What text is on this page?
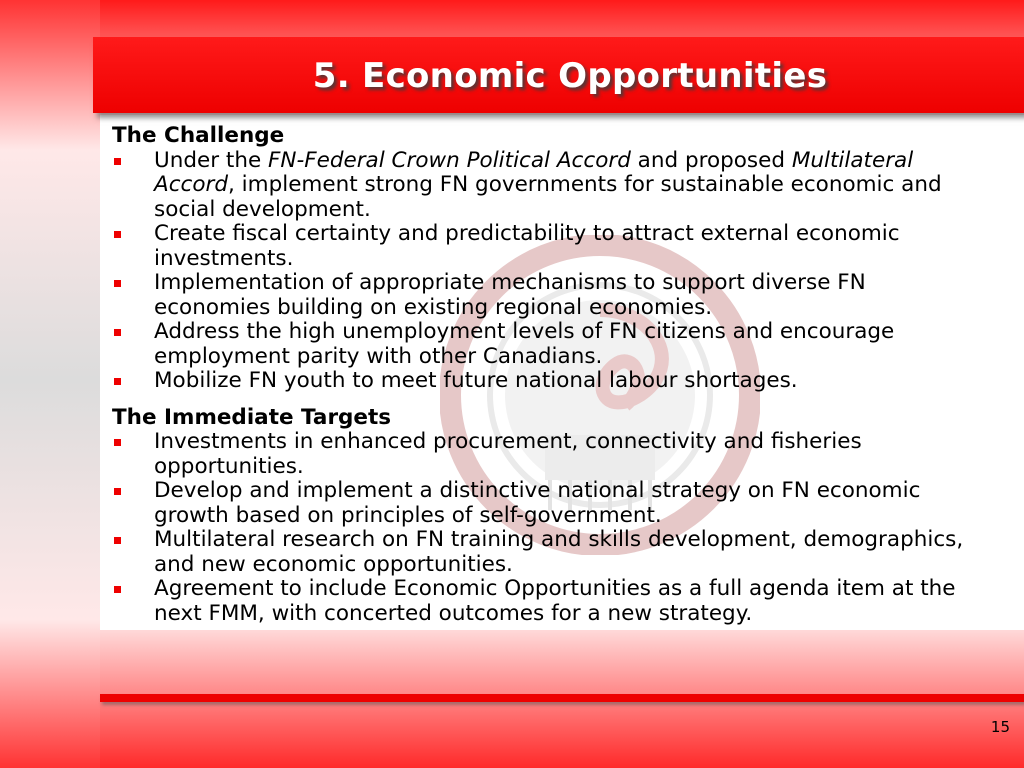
5. Economic Opportunities
The Challenge
Under the FN-Federal Crown Political Accord and proposed Multilateral Accord, implement strong FN governments for sustainable economic and social development.
Create fiscal certainty and predictability to attract external economic investments.
Implementation of appropriate mechanisms to support diverse FN economies building on existing regional economies.
Address the high unemployment levels of FN citizens and encourage employment parity with other Canadians.
Mobilize FN youth to meet future national labour shortages.
The Immediate Targets
Investments in enhanced procurement, connectivity and fisheries opportunities.
Develop and implement a distinctive national strategy on FN economic growth based on principles of self-government.
Multilateral research on FN training and skills development, demographics, and new economic opportunities.
Agreement to include Economic Opportunities as a full agenda item at the next FMM, with concerted outcomes for a new strategy.
15
